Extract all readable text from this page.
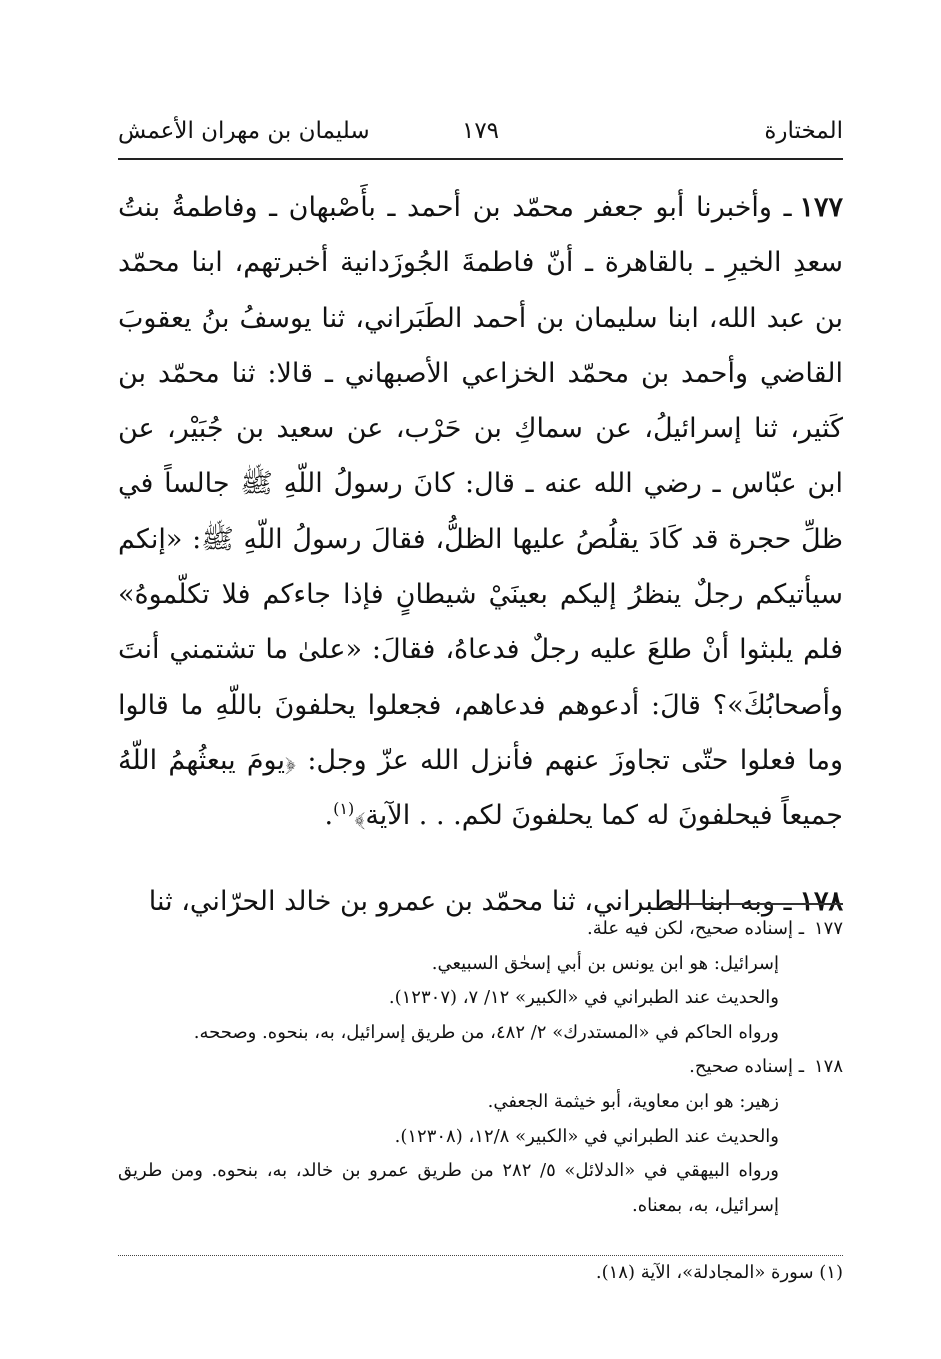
المختارة
١٧٩
سليمان بن مهران الأعمش

١٧٧ـ وأخبرنا أبو جعفر محمّد بن أحمد ـ بأَصْبهان ـ وفاطمةُ بنتُ سعدِ الخيرِ ـ بالقاهرة ـ أنّ فاطمةَ الجُوزَدانية أخبرتهم، ابنا محمّد بن عبد الله، ابنا سليمان بن أحمد الطَبَراني، ثنا يوسفُ بنُ يعقوبَ القاضي وأحمد بن محمّد الخزاعي الأصبهاني ـ قالا: ثنا محمّد بن كَثير، ثنا إسرائيلُ، عن سماكِ بن حَرْب، عن سعيد بن جُبَيْر، عن ابن عبّاس ـ رضي الله عنه ـ قال: كانَ رسولُ اللّهِ ﷺ جالساً في ظلِّ حجرة قد كَادَ يقلُصُ عليها الظلُّ، فقالَ رسولُ اللّهِ ﷺ: «إنكم سيأتيكم رجلٌ ينظرُ إليكم بعينَيْ شيطانٍ فإذا جاءكم فلا تكلّموهُ» فلم يلبثوا أنْ طلعَ عليه رجلٌ فدعاهُ، فقالَ: «علىٰ ما تشتمني أنتَ وأصحابُكَ»؟ قالَ: أدعوهم فدعاهم، فجعلوا يحلفونَ باللّهِ ما قالوا وما فعلوا حتّى تجاوزَ عنهم فأنزل الله عزّ وجل: ﴿يومَ يبعثُهمُ اللّهُ جميعاً فيحلفونَ له كما يحلفونَ لكم. . . الآية﴾$^{(١)}$.

١٧٨ـ وبه ابنا الطبراني، ثنا محمّد بن عمرو بن خالد الحرّاني، ثنا

١٧٧ـ إسناده صحيح، لكن فيه علة.

إسرائيل: هو ابن يونس بن أبي إسحٰق السبيعي.

والحديث عند الطبراني في «الكبير» ١٢/ ٧، (١٢٣٠٧).

ورواه الحاكم في «المستدرك» ٢/ ٤٨٢، من طريق إسرائيل، به، بنحوه. وصححه.

١٧٨ـ إسناده صحيح.

زهير: هو ابن معاوية، أبو خيثمة الجعفي.

والحديث عند الطبراني في «الكبير» ١٢/٨، (١٢٣٠٨).

ورواه البيهقي في «الدلائل» ٥/ ٢٨٢ من طريق عمرو بن خالد، به، بنحوه. ومن طريق إسرائيل، به، بمعناه.

(١) سورة «المجادلة»، الآية (١٨).
